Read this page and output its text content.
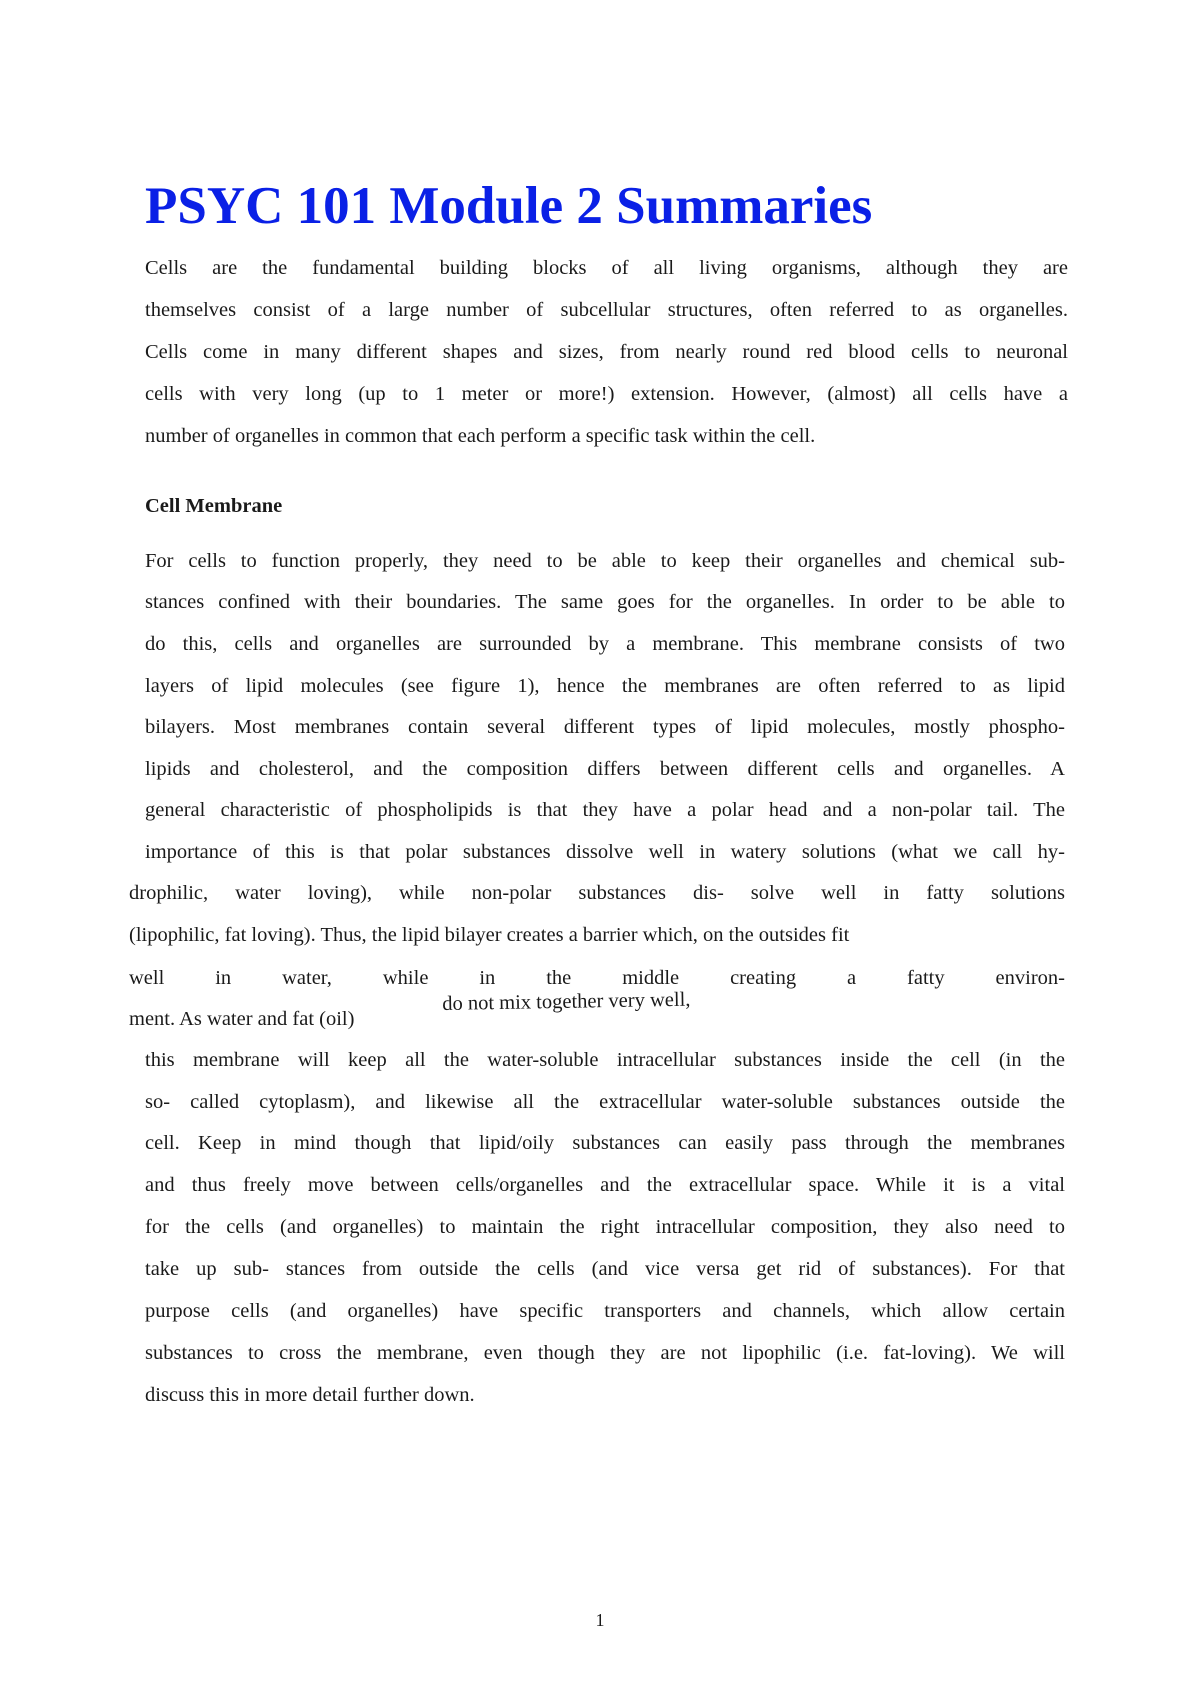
PSYC 101 Module 2 Summaries

Cells are the fundamental building blocks of all living organisms, although they are

themselves consist of a large number of subcellular structures, often referred to as organelles.

Cells come in many different shapes and sizes, from nearly round red blood cells to neuronal

cells with very long (up to 1 meter or more!) extension. However, (almost) all cells have a

number of organelles in common that each perform a specific task within the cell.

Cell Membrane

For cells to function properly, they need to be able to keep their organelles and chemical sub-

stances confined with their boundaries. The same goes for the organelles. In order to be able to

do this, cells and organelles are surrounded by a membrane. This membrane consists of two

layers of lipid molecules (see figure 1), hence the membranes are often referred to as lipid

bilayers. Most membranes contain several different types of lipid molecules, mostly phospho-

lipids and cholesterol, and the composition differs between different cells and organelles. A

general characteristic of phospholipids is that they have a polar head and a non-polar tail. The

importance of this is that polar substances dissolve well in watery solutions (what we call hy-

drophilic, water loving), while non-polar substances dis- solve well in fatty solutions

(lipophilic, fat loving). Thus, the lipid bilayer creates a barrier which, on the outsides fit

well in water, while in the middle creating a fatty environ-

ment. As water and fat (oil)

do not mix together very well,

this membrane will keep all the water-soluble intracellular substances inside the cell (in the

so- called cytoplasm), and likewise all the extracellular water-soluble substances outside the

cell. Keep in mind though that lipid/oily substances can easily pass through the membranes

and thus freely move between cells/organelles and the extracellular space. While it is a vital

for the cells (and organelles) to maintain the right intracellular composition, they also need to

take up sub- stances from outside the cells (and vice versa get rid of substances). For that

purpose cells (and organelles) have specific transporters and channels, which allow certain

substances to cross the membrane, even though they are not lipophilic (i.e. fat-loving). We will

discuss this in more detail further down.

1
